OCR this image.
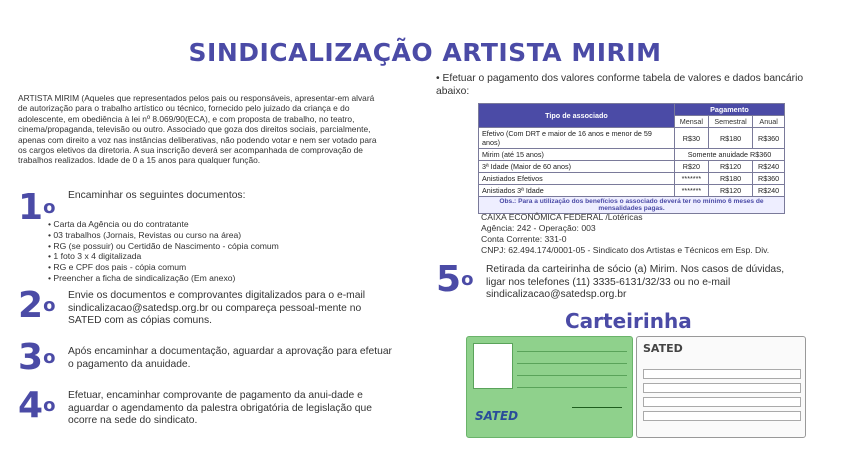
SINDICALIZAÇÃO ARTISTA MIRIM
ARTISTA MIRIM (Aqueles que representados pelos pais ou responsáveis, apresentar-em alvará de autorização para o trabalho artístico ou técnico, fornecido pelo juizado da criança e do adolescente, em obediência à lei nº 8.069/90(ECA), e com proposta de trabalho, no teatro, cinema/propaganda, televisão ou outro. Associado que goza dos direitos sociais, parcialmente, apenas com direito a voz nas instâncias deliberativas, não podendo votar e nem ser votado para os cargos eletivos da diretoria. A sua inscrição deverá ser acompanhada de comprovação de trabalhos realizados. Idade de 0 a 15 anos para qualquer função.
1$^o$
Encaminhar os seguintes documentos:
• Carta da Agência ou do contratante
• 03 trabalhos (Jornais, Revistas ou curso na área)
• RG (se possuir) ou Certidão de Nascimento - cópia comum
• 1 foto 3 x 4 digitalizada
• RG e CPF dos pais - cópia comum
• Preencher a ficha de sindicalização (Em anexo)
2$^o$ Envie os documentos e comprovantes digitalizados para o e-mail sindicalizacao@satedsp.org.br ou compareça pessoal-mente no SATED com as cópias comuns.
3$^o$ Após encaminhar a documentação, aguardar a aprovação para efetuar o pagamento da anuidade.
4$^o$ Efetuar, encaminhar comprovante de pagamento da anui-dade e aguardar o agendamento da palestra obrigatória de legislação que ocorre na sede do sindicato.
• Efetuar o pagamento dos valores conforme tabela de valores e dados bancário abaixo:
Tipo de associado	Pagamento		
	Mensal	Semestral	Anual
Efetivo (Com DRT e maior de 16 anos e menor de 59 anos)	R$30	R$180	R$360
Mirim (até 15 anos)	Somente anuidade R$360		
3ª Idade (Maior de 60 anos)	R$20	R$120	R$240
Anistiados Efetivos	*******	R$180	R$360
Anistiados 3ª Idade	*******	R$120	R$240
Obs.: Para a utilização dos benefícios o associado deverá ter no mínimo 6 meses de mensalidades pagas.			
CAIXA ECONÔMICA FEDERAL /Lotéricas
Agência: 242 - Operação: 003
Conta Corrente: 331-0
CNPJ: 62.494.174/0001-05 - Sindicato dos Artistas e Técnicos em Esp. Div.
5$^o$ Retirada da carteirinha de sócio (a) Mirim. Nos casos de dúvidas, ligar nos telefones (11) 3335-6131/32/33 ou no e-mail sindicalizacao@satedsp.org.br
Carteirinha
SATED
SATED
